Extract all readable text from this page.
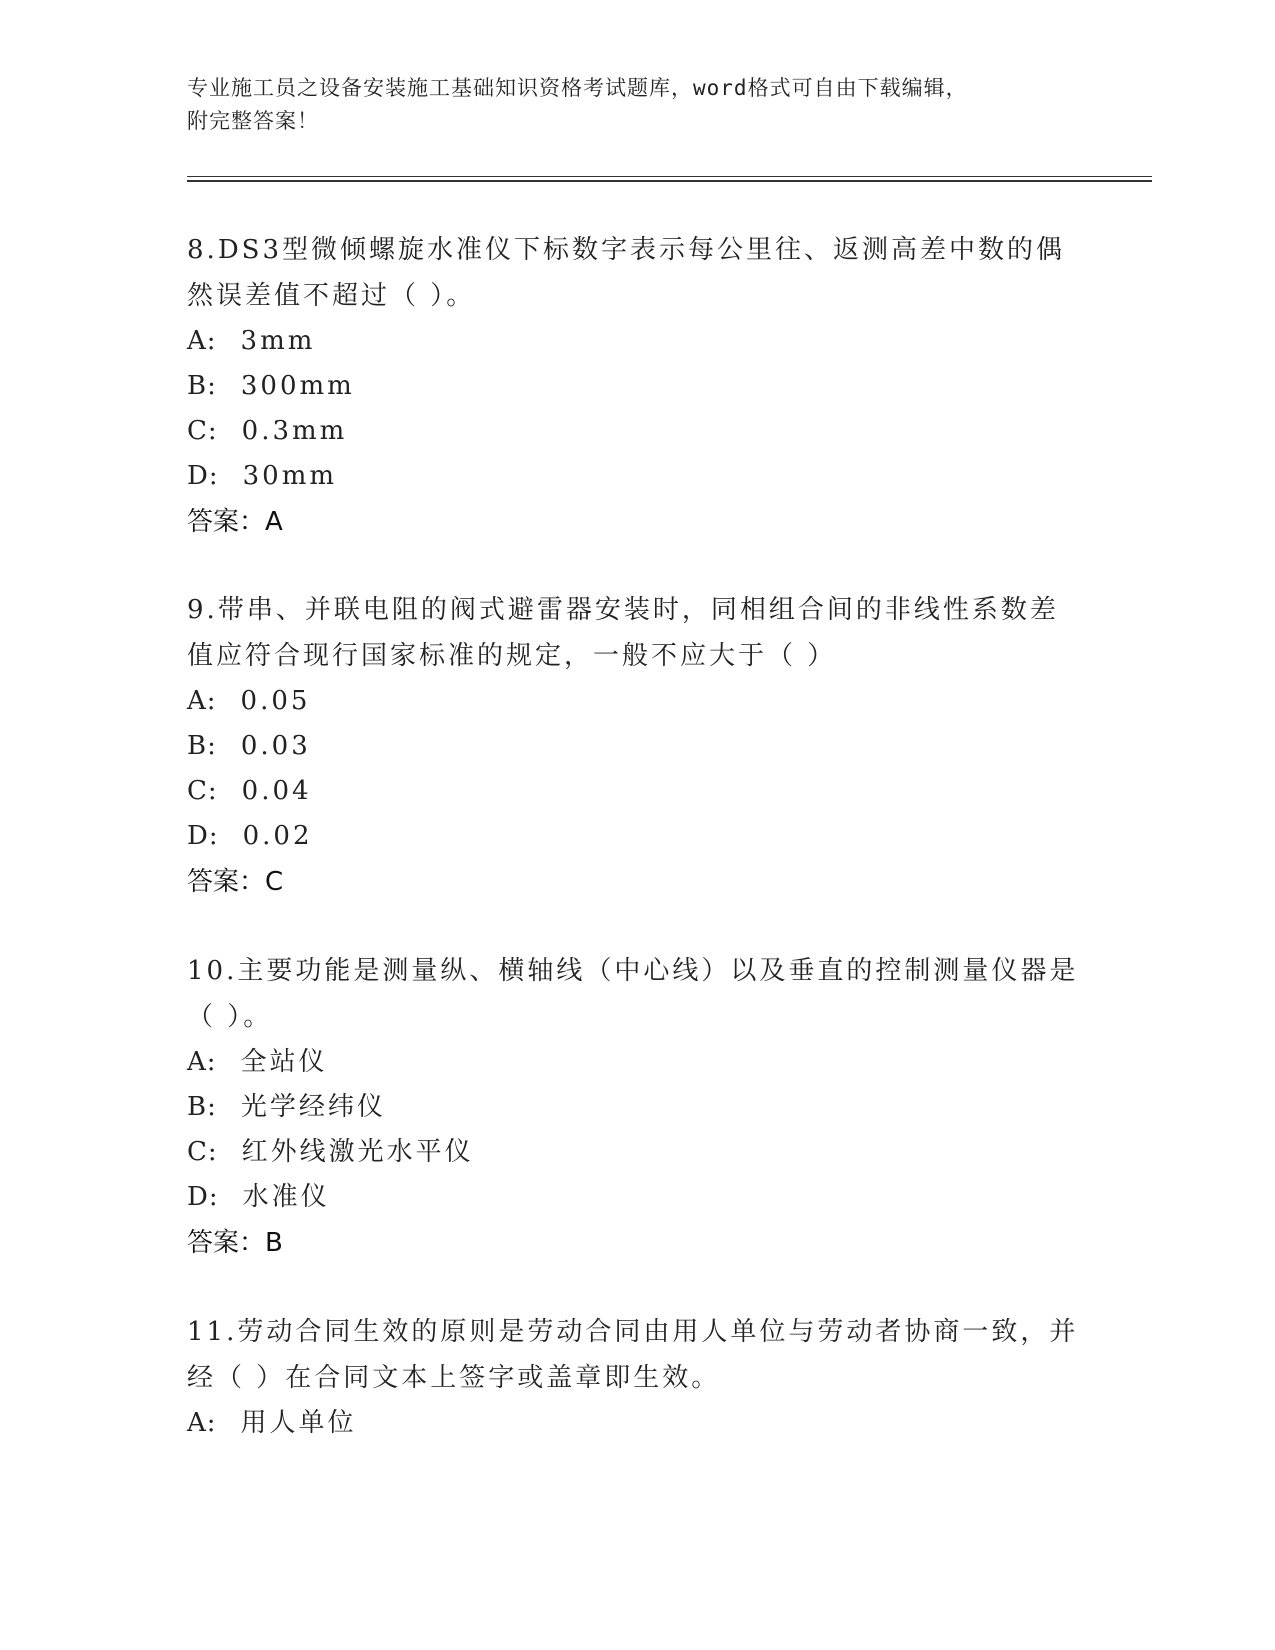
专业施工员之设备安装施工基础知识资格考试题库，word格式可自由下载编辑，
附完整答案！

8.DS3型微倾螺旋水准仪下标数字表示每公里往、返测高差中数的偶然误差值不超过（ ）。

A: 3mm

B: 300mm

C: 0.3mm

D: 30mm

答案：A

9.带串、并联电阻的阀式避雷器安装时，同相组合间的非线性系数差值应符合现行国家标准的规定，一般不应大于（ ）

A: 0.05

B: 0.03

C: 0.04

D: 0.02

答案：C

10.主要功能是测量纵、横轴线（中心线）以及垂直的控制测量仪器是（ ）。

A: 全站仪

B: 光学经纬仪

C: 红外线激光水平仪

D: 水准仪

答案：B

11.劳动合同生效的原则是劳动合同由用人单位与劳动者协商一致，并经（ ）在合同文本上签字或盖章即生效。

A: 用人单位
